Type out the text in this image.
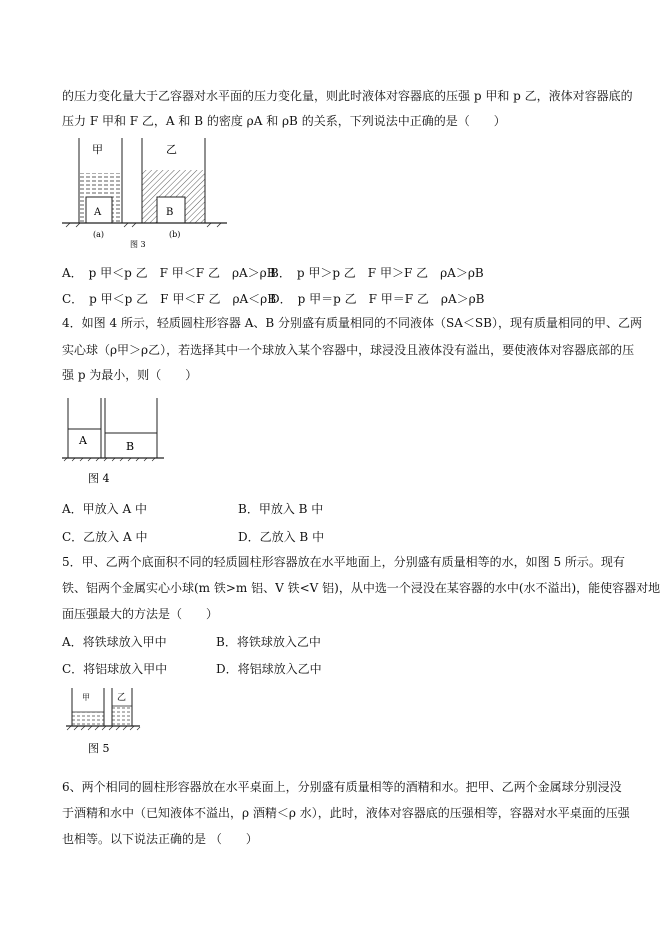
的压力变化量大于乙容器对水平面的压力变化量，则此时液体对容器底的压强 p 甲和 p 乙，液体对容器底的
压力 F 甲和 F 乙，A 和 B 的密度 ρA 和 ρB 的关系，下列说法中正确的是（　　）
甲	乙
A	B
(a)	(b)
图 3
A．　p 甲＜p 乙　F 甲＜F 乙　ρA＞ρB
B．　p 甲＞p 乙　F 甲＞F 乙　ρA＞ρB
C．　p 甲＜p 乙　F 甲＜F 乙　ρA＜ρB
D．　p 甲＝p 乙　F 甲＝F 乙　ρA＞ρB
4．如图 4 所示，轻质圆柱形容器 A、B 分别盛有质量相同的不同液体（SA＜SB），现有质量相同的甲、乙两
实心球（ρ甲＞ρ乙），若选择其中一个球放入某个容器中，球浸没且液体没有溢出，要使液体对容器底部的压
强 p 为最小，则（　　）
A	B
图 4
A．甲放入 A 中	B．甲放入 B 中
C．乙放入 A 中	D．乙放入 B 中
5．甲、乙两个底面积不同的轻质圆柱形容器放在水平地面上，分别盛有质量相等的水，如图 5 所示。现有
铁、铝两个金属实心小球(m 铁>m 铝、V 铁<V 铝)，从中选一个浸没在某容器的水中(水不溢出)，能使容器对地
面压强最大的方法是（　　）
A．将铁球放入甲中	B．将铁球放入乙中
C．将铝球放入甲中	D．将铝球放入乙中
甲	乙
图 5
6、两个相同的圆柱形容器放在水平桌面上，分别盛有质量相等的酒精和水。把甲、乙两个金属球分别浸没
于酒精和水中（已知液体不溢出，ρ 酒精＜ρ 水），此时，液体对容器底的压强相等，容器对水平桌面的压强
也相等。以下说法正确的是 （　　）
